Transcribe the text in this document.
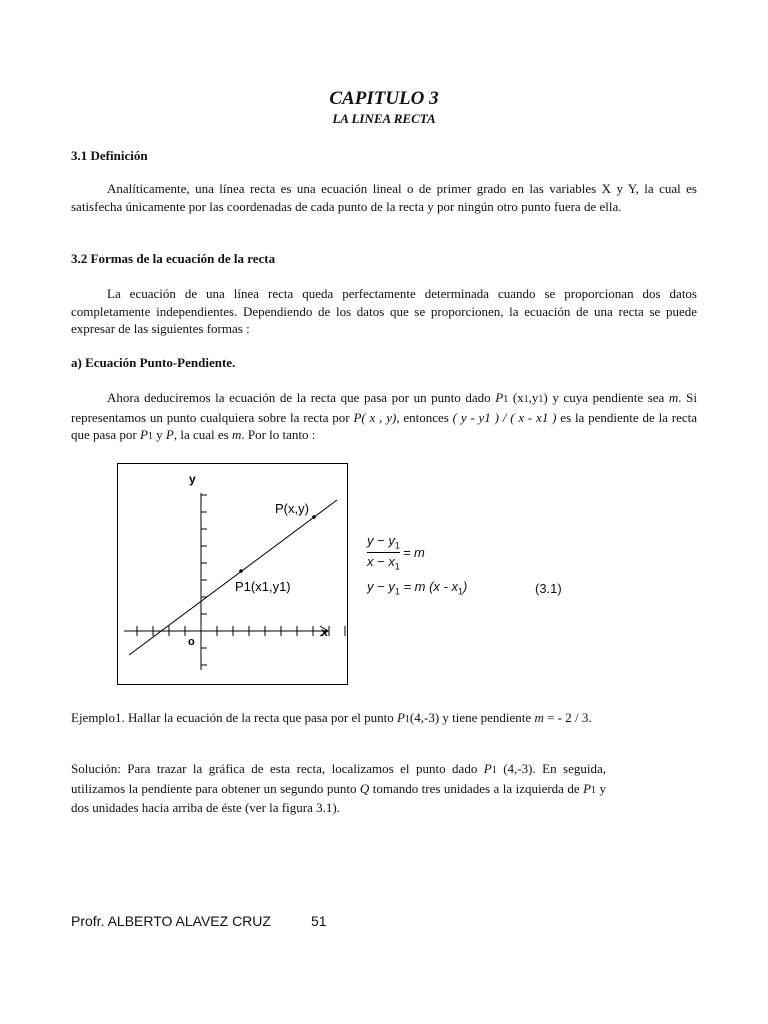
CAPITULO 3
LA LINEA RECTA
3.1 Definición
Analíticamente, una línea recta es una ecuación lineal o de primer grado en las variables X y Y, la cual es satisfecha únicamente por las coordenadas de cada punto de la recta y por ningún otro punto fuera de ella.
3.2 Formas de la ecuación de la recta
La ecuación de una línea recta queda perfectamente determinada cuando se proporcionan dos datos completamente independientes. Dependiendo de los datos que se proporcionen, la ecuación de una recta se puede expresar de las siguientes formas :
a) Ecuación Punto-Pendiente.
Ahora deduciremos la ecuación de la recta que pasa por un punto dado P1 (x1,y1) y cuya pendiente sea m. Si representamos un punto cualquiera sobre la recta por P( x , y), entonces ( y - y1 ) / ( x - x1 ) es la pendiente de la recta que pasa por P1 y P, la cual es m. Por lo tanto :
y
x
o
P(x,y)
P1(x1,y1)
$\frac{y - y_1}{x - x_1} = m$
$y - y_1 = m$ $(x - x_1)$	(3.1)
Ejemplo1. Hallar la ecuación de la recta que pasa por el punto P1(4,-3) y tiene pendiente m = - 2 / 3.
Solución: Para trazar la gráfica de esta recta, localizamos el punto dado P1 (4,-3). En seguida, utilizamos la pendiente para obtener un segundo punto Q tomando tres unidades a la izquierda de P1 y dos unidades hacia arriba de éste (ver la figura 3.1).
Profr. ALBERTO ALAVEZ CRUZ	51
